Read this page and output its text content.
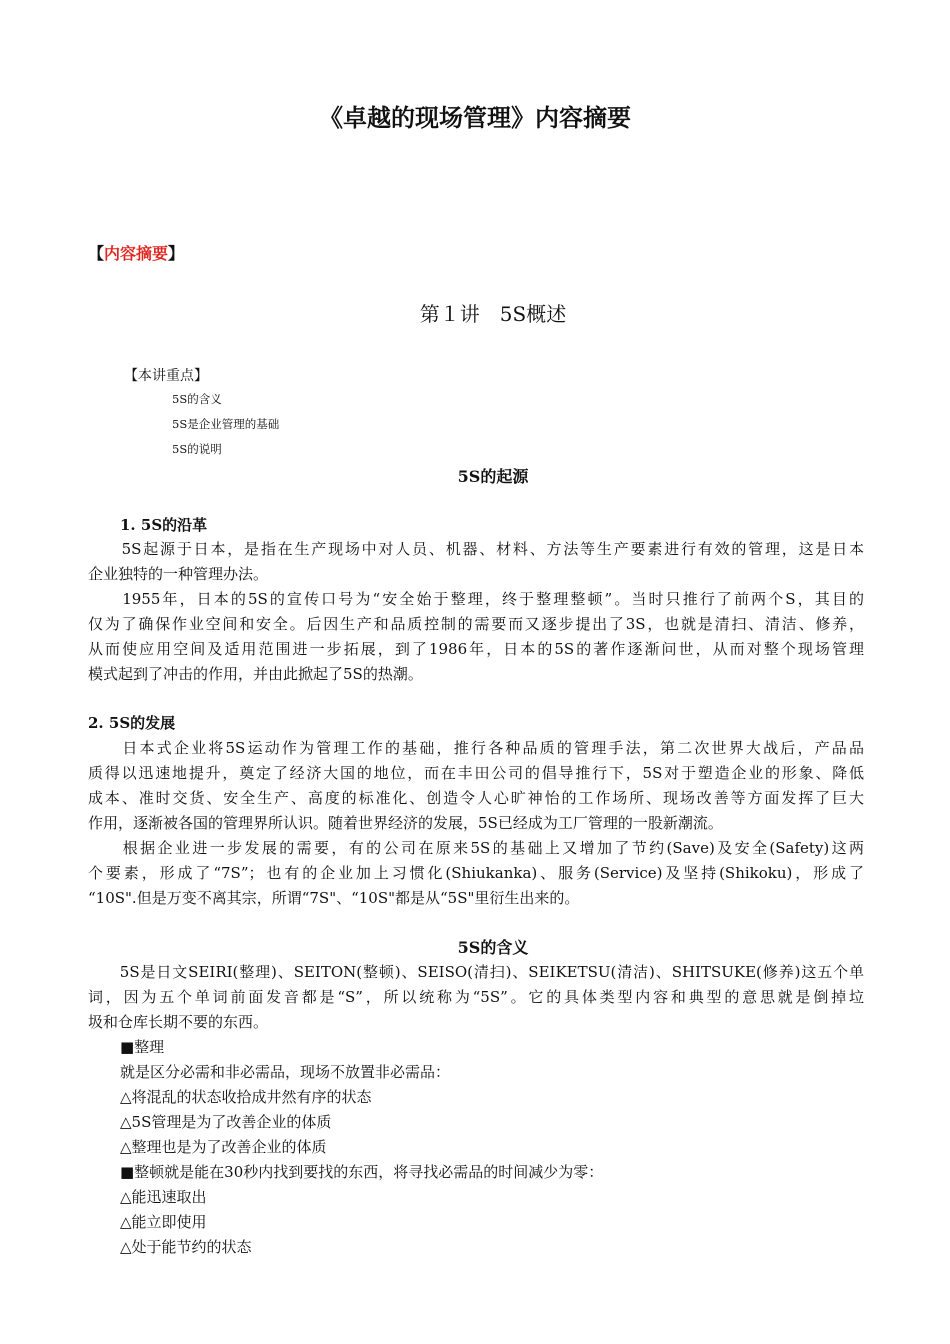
《卓越的现场管理》内容摘要
【内容摘要】
第１讲　5S概述
【本讲重点】
5S的含义
5S是企业管理的基础
5S的说明
5S的起源
1. 5S的沿革
　　5S起源于日本，是指在生产现场中对人员、机器、材料、方法等生产要素进行有效的管理，这是日本
企业独特的一种管理办法。
　　1955年，日本的5S的宣传口号为“安全始于整理，终于整理整顿”。当时只推行了前两个S，其目的
仅为了确保作业空间和安全。后因生产和品质控制的需要而又逐步提出了3S，也就是清扫、清洁、修养，
从而使应用空间及适用范围进一步拓展，到了1986年，日本的5S的著作逐渐问世，从而对整个现场管理
模式起到了冲击的作用，并由此掀起了5S的热潮。
2. 5S的发展
　　日本式企业将5S运动作为管理工作的基础，推行各种品质的管理手法，第二次世界大战后，产品品
质得以迅速地提升，奠定了经济大国的地位，而在丰田公司的倡导推行下，5S对于塑造企业的形象、降低
成本、准时交货、安全生产、高度的标准化、创造令人心旷神怡的工作场所、现场改善等方面发挥了巨大
作用，逐渐被各国的管理界所认识。随着世界经济的发展，5S已经成为工厂管理的一股新潮流。
　　根据企业进一步发展的需要，有的公司在原来5S的基础上又增加了节约(Save)及安全(Safety)这两
个要素，形成了“7S”；也有的企业加上习惯化(Shiukanka)、服务(Service)及坚持(Shikoku)，形成了
“10S".但是万变不离其宗，所谓“7S"、“10S"都是从“5S"里衍生出来的。
5S的含义
　　5S是日文SEIRI(整理)、SEITON(整顿)、SEISO(清扫)、SEIKETSU(清洁)、SHITSUKE(修养)这五个单
词，因为五个单词前面发音都是“S”，所以统称为“5S”。它的具体类型内容和典型的意思就是倒掉垃
圾和仓库长期不要的东西。
■整理
就是区分必需和非必需品，现场不放置非必需品：
△将混乱的状态收拾成井然有序的状态
△5S管理是为了改善企业的体质
△整理也是为了改善企业的体质
■整顿就是能在30秒内找到要找的东西，将寻找必需品的时间减少为零：
△能迅速取出
△能立即使用
△处于能节约的状态
